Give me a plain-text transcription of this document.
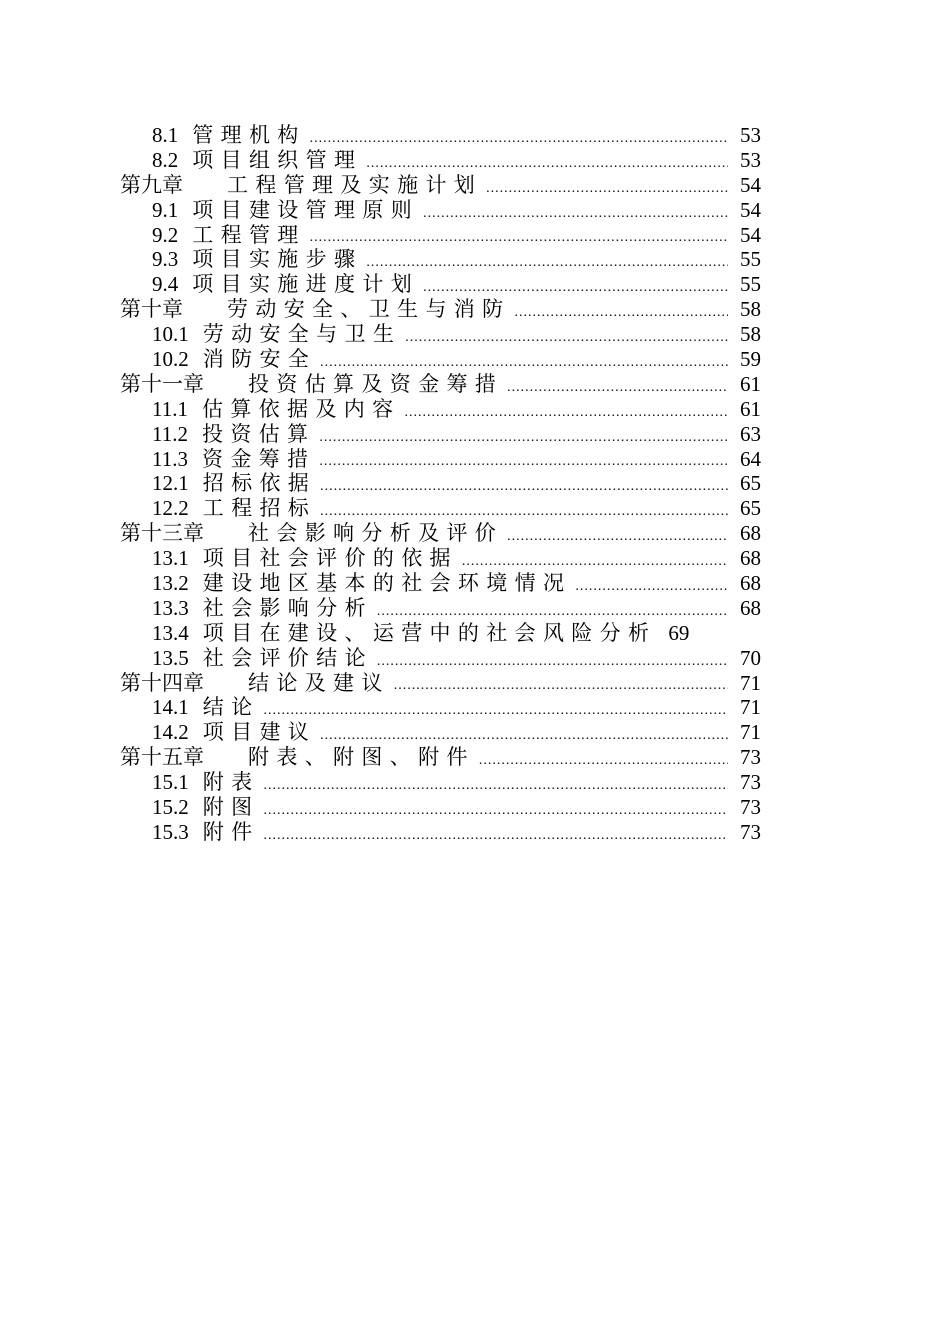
8.1 管理机构 .....	53
8.2 项目组织管理 .....	53
第九章 工程管理及实施计划 .....	54
9.1 项目建设管理原则 .....	54
9.2 工程管理 .....	54
9.3 项目实施步骤 .....	55
9.4 项目实施进度计划 .....	55
第十章 劳动安全、卫生与消防 .....	58
10.1 劳动安全与卫生 .....	58
10.2 消防安全 .....	59
第十一章 投资估算及资金筹措 .....	61
11.1 估算依据及内容 .....	61
11.2 投资估算 .....	63
11.3 资金筹措 .....	64
12.1 招标依据 .....	65
12.2 工程招标 .....	65
第十三章 社会影响分析及评价 .....	68
13.1 项目社会评价的依据 .....	68
13.2 建设地区基本的社会环境情况 .....	68
13.3 社会影响分析 .....	68
13.4 项目在建设、运营中的社会风险分析 69
13.5 社会评价结论 .....	70
第十四章 结论及建议 .....	71
14.1 结论 .....	71
14.2 项目建议 .....	71
第十五章 附表、附图、附件 .....	73
15.1 附表 .....	73
15.2 附图 .....	73
15.3 附件 .....	73
